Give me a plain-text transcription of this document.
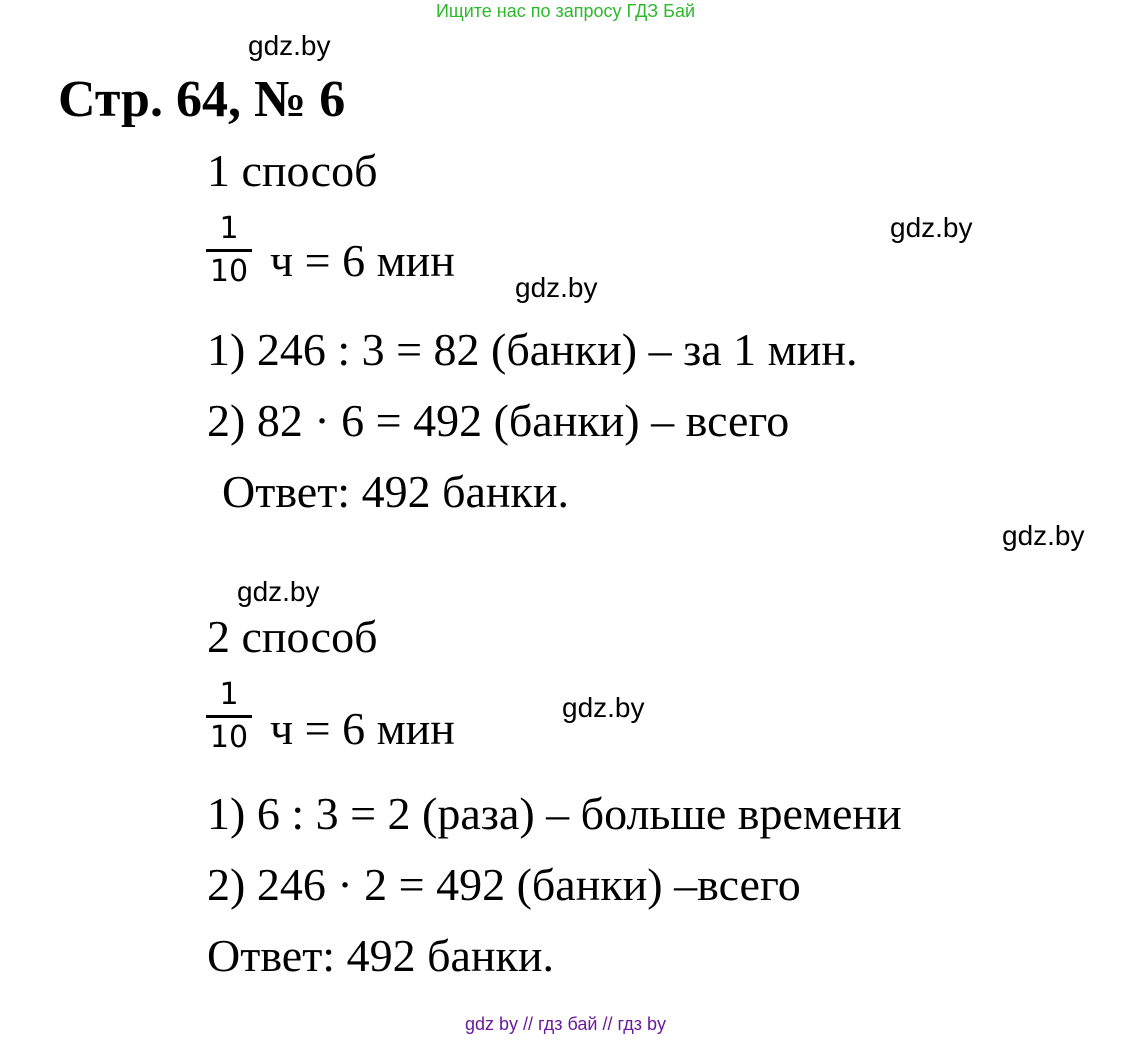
Ищите нас по запросу ГДЗ Бай
gdz.by
Стр. 64, № 6
1 способ
1
10 ч = 6 мин
gdz.by
gdz.by
1) 246 : 3 = 82 (банки) – за 1 мин.
2) 82 · 6 = 492 (банки) – всего
Ответ: 492 банки.
gdz.by
gdz.by
2 способ
1
10 ч = 6 мин	gdz.by
1) 6 : 3 = 2 (раза) – больше времени
2) 246 · 2 = 492 (банки) –всего
Ответ: 492 банки.
gdz by // гдз бай // гдз by
